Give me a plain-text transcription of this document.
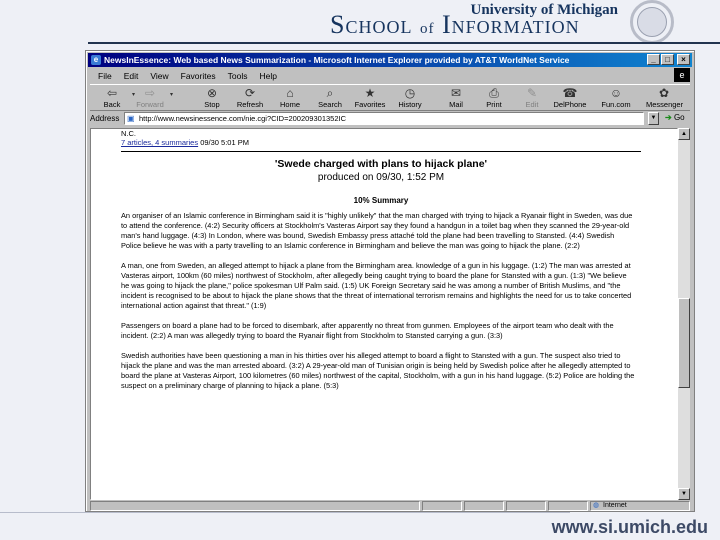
University of Michigan
SCHOOL of INFORMATION
www.si.umich.edu
e NewsInEssence: Web based News Summarization - Microsoft Internet Explorer provided by AT&T WorldNet Service	_	□	×
File Edit View Favorites Tools Help	e
⇦
Back
▾ ⇨
Forward
▾	⊗
Stop
⟳
Refresh
⌂
Home
⌕
Search
★
Favorites
◷
History
✉
Mail
⎙
Print
✎
Edit
☎
DelPhone
☺
Fun.com
✿
Messenger
Address	http://www.newsinessence.com/nie.cgi?CID=200209301352IC
▣	▼	➔ Go
N.C.
7 articles, 4 summaries 09/30 5:01 PM
'Swede charged with plans to hijack plane'
produced on 09/30, 1:52 PM
10% Summary

An organiser of an Islamic conference in Birmingham said it is "highly unlikely" that the man charged with trying to hijack a Ryanair flight in Sweden, was due to attend the conference. (4:2) Security officers at Stockholm's Vasteras Airport say they found a handgun in a toilet bag when they scanned the 29-year-old man's hand luggage. (4:3) In London, where was bound, Swedish Embassy press attaché told the plane had been travelling to Stansted. (4:4) Swedish Police believe he was with a party travelling to an Islamic conference in Birmingham and believe the man was going to hijack the plane. (2:2)

A man, one from Sweden, an alleged attempt to hijack a plane from the Birmingham area. knowledge of a gun in his luggage. (1:2) The man was arrested at Vasteras airport, 100km (60 miles) northwest of Stockholm, after allegedly being caught trying to board the plane for Stansted with a gun. (1:3) "We believe he was going to hijack the plane," police spokesman Ulf Palm said. (1:5) UK Foreign Secretary said he was among a number of British Muslims, and "the incident is recognised to be about to hijack the plane shows that the threat of international terrorism remains and highlights the need for us to take concerted international action against that threat." (1:9)

Passengers on board a plane had to be forced to disembark, after apparently no threat from gunmen. Employees of the airport team who dealt with the incident. (2:2) A man was allegedly trying to board the Ryanair flight from Stockholm to Stansted carrying a gun. (3:3)

Swedish authorities have been questioning a man in his thirties over his alleged attempt to board a flight to Stansted with a gun. The suspect also tried to hijack the plane and was the man arrested aboard. (3:2) A 29-year-old man of Tunisian origin is being held by Swedish police after he allegedly attempted to board the plane at Vasteras Airport, 100 kilometres (60 miles) northwest of the capital, Stockholm, with a gun in his hand luggage. (5:2) Police are holding the suspect on a preliminary charge of planning to hijack a plane. (5:3)

▲
▼
◍ Internet
